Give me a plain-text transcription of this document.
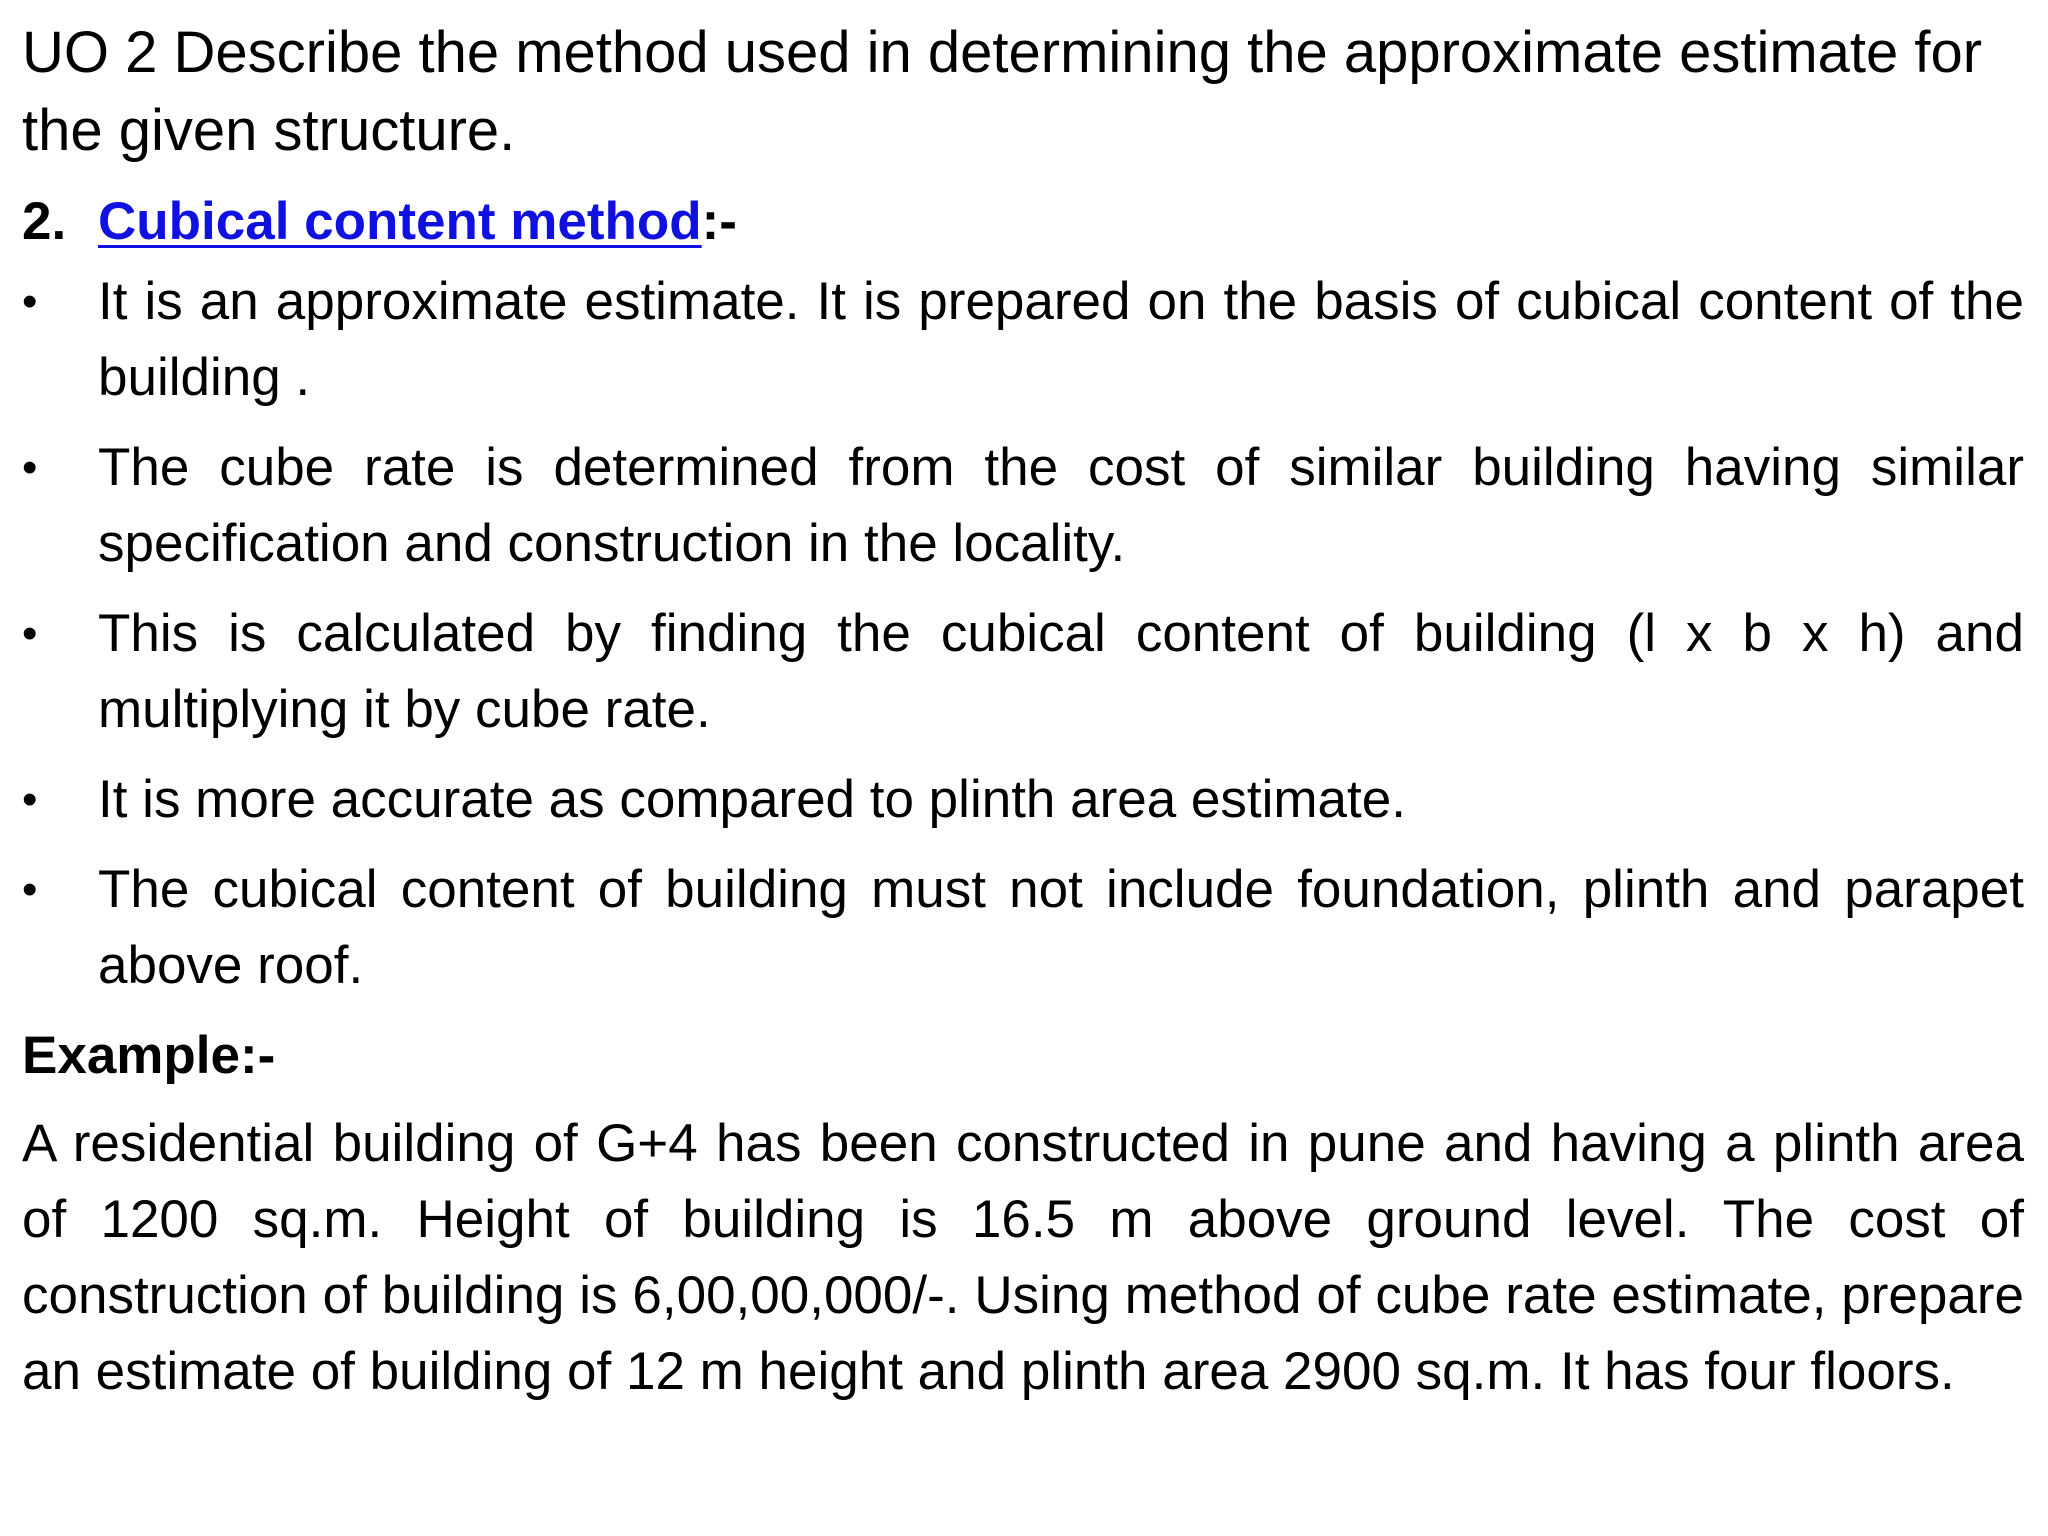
UO 2 Describe the method used in determining the approximate estimate for the given structure.
2. Cubical content method:-
•	It is an approximate estimate. It is prepared on the basis of cubical content of the building .
•	The cube rate is determined from the cost of similar building having similar specification and construction in the locality.
•	This is calculated by finding the cubical content of building (l x b x h) and multiplying it by cube rate.
•	It is more accurate as compared to plinth area estimate.
•	The cubical content of building must not include foundation, plinth and parapet above roof.
Example:-
A residential building of G+4 has been constructed in pune and having a plinth area of 1200 sq.m. Height of building is 16.5 m above ground level. The cost of construction of building is 6,00,00,000/-. Using method of cube rate estimate, prepare an estimate of building of 12 m height and plinth area 2900 sq.m. It has four floors.
